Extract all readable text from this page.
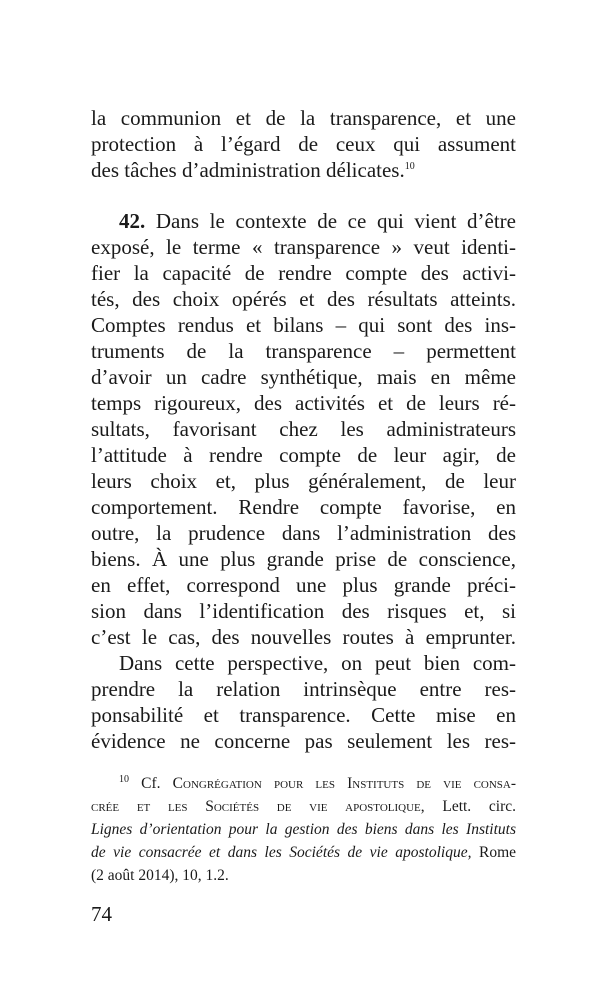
la communion et de la transparence, et une
protection à l’égard de ceux qui assument
des tâches d’administration délicates.$^{10}$
42. Dans le contexte de ce qui vient d’être
exposé, le terme « transparence » veut identi-
fier la capacité de rendre compte des activi-
tés, des choix opérés et des résultats atteints.
Comptes rendus et bilans – qui sont des ins-
truments de la transparence – permettent
d’avoir un cadre synthétique, mais en même
temps rigoureux, des activités et de leurs ré-
sultats, favorisant chez les administrateurs
l’attitude à rendre compte de leur agir, de
leurs choix et, plus généralement, de leur
comportement. Rendre compte favorise, en
outre, la prudence dans l’administration des
biens. À une plus grande prise de conscience,
en effet, correspond une plus grande préci-
sion dans l’identification des risques et, si
c’est le cas, des nouvelles routes à emprunter.
Dans cette perspective, on peut bien com-
prendre la relation intrinsèque entre res-
ponsabilité et transparence. Cette mise en
évidence ne concerne pas seulement les res-
$^{10}$ Cf. Congrégation pour les Instituts de vie consa-
crée et les Sociétés de vie apostolique, Lett. circ.
Lignes d’orientation pour la gestion des biens dans les Instituts
de vie consacrée et dans les Sociétés de vie apostolique, Rome
(2 août 2014), 10, 1.2.
74
